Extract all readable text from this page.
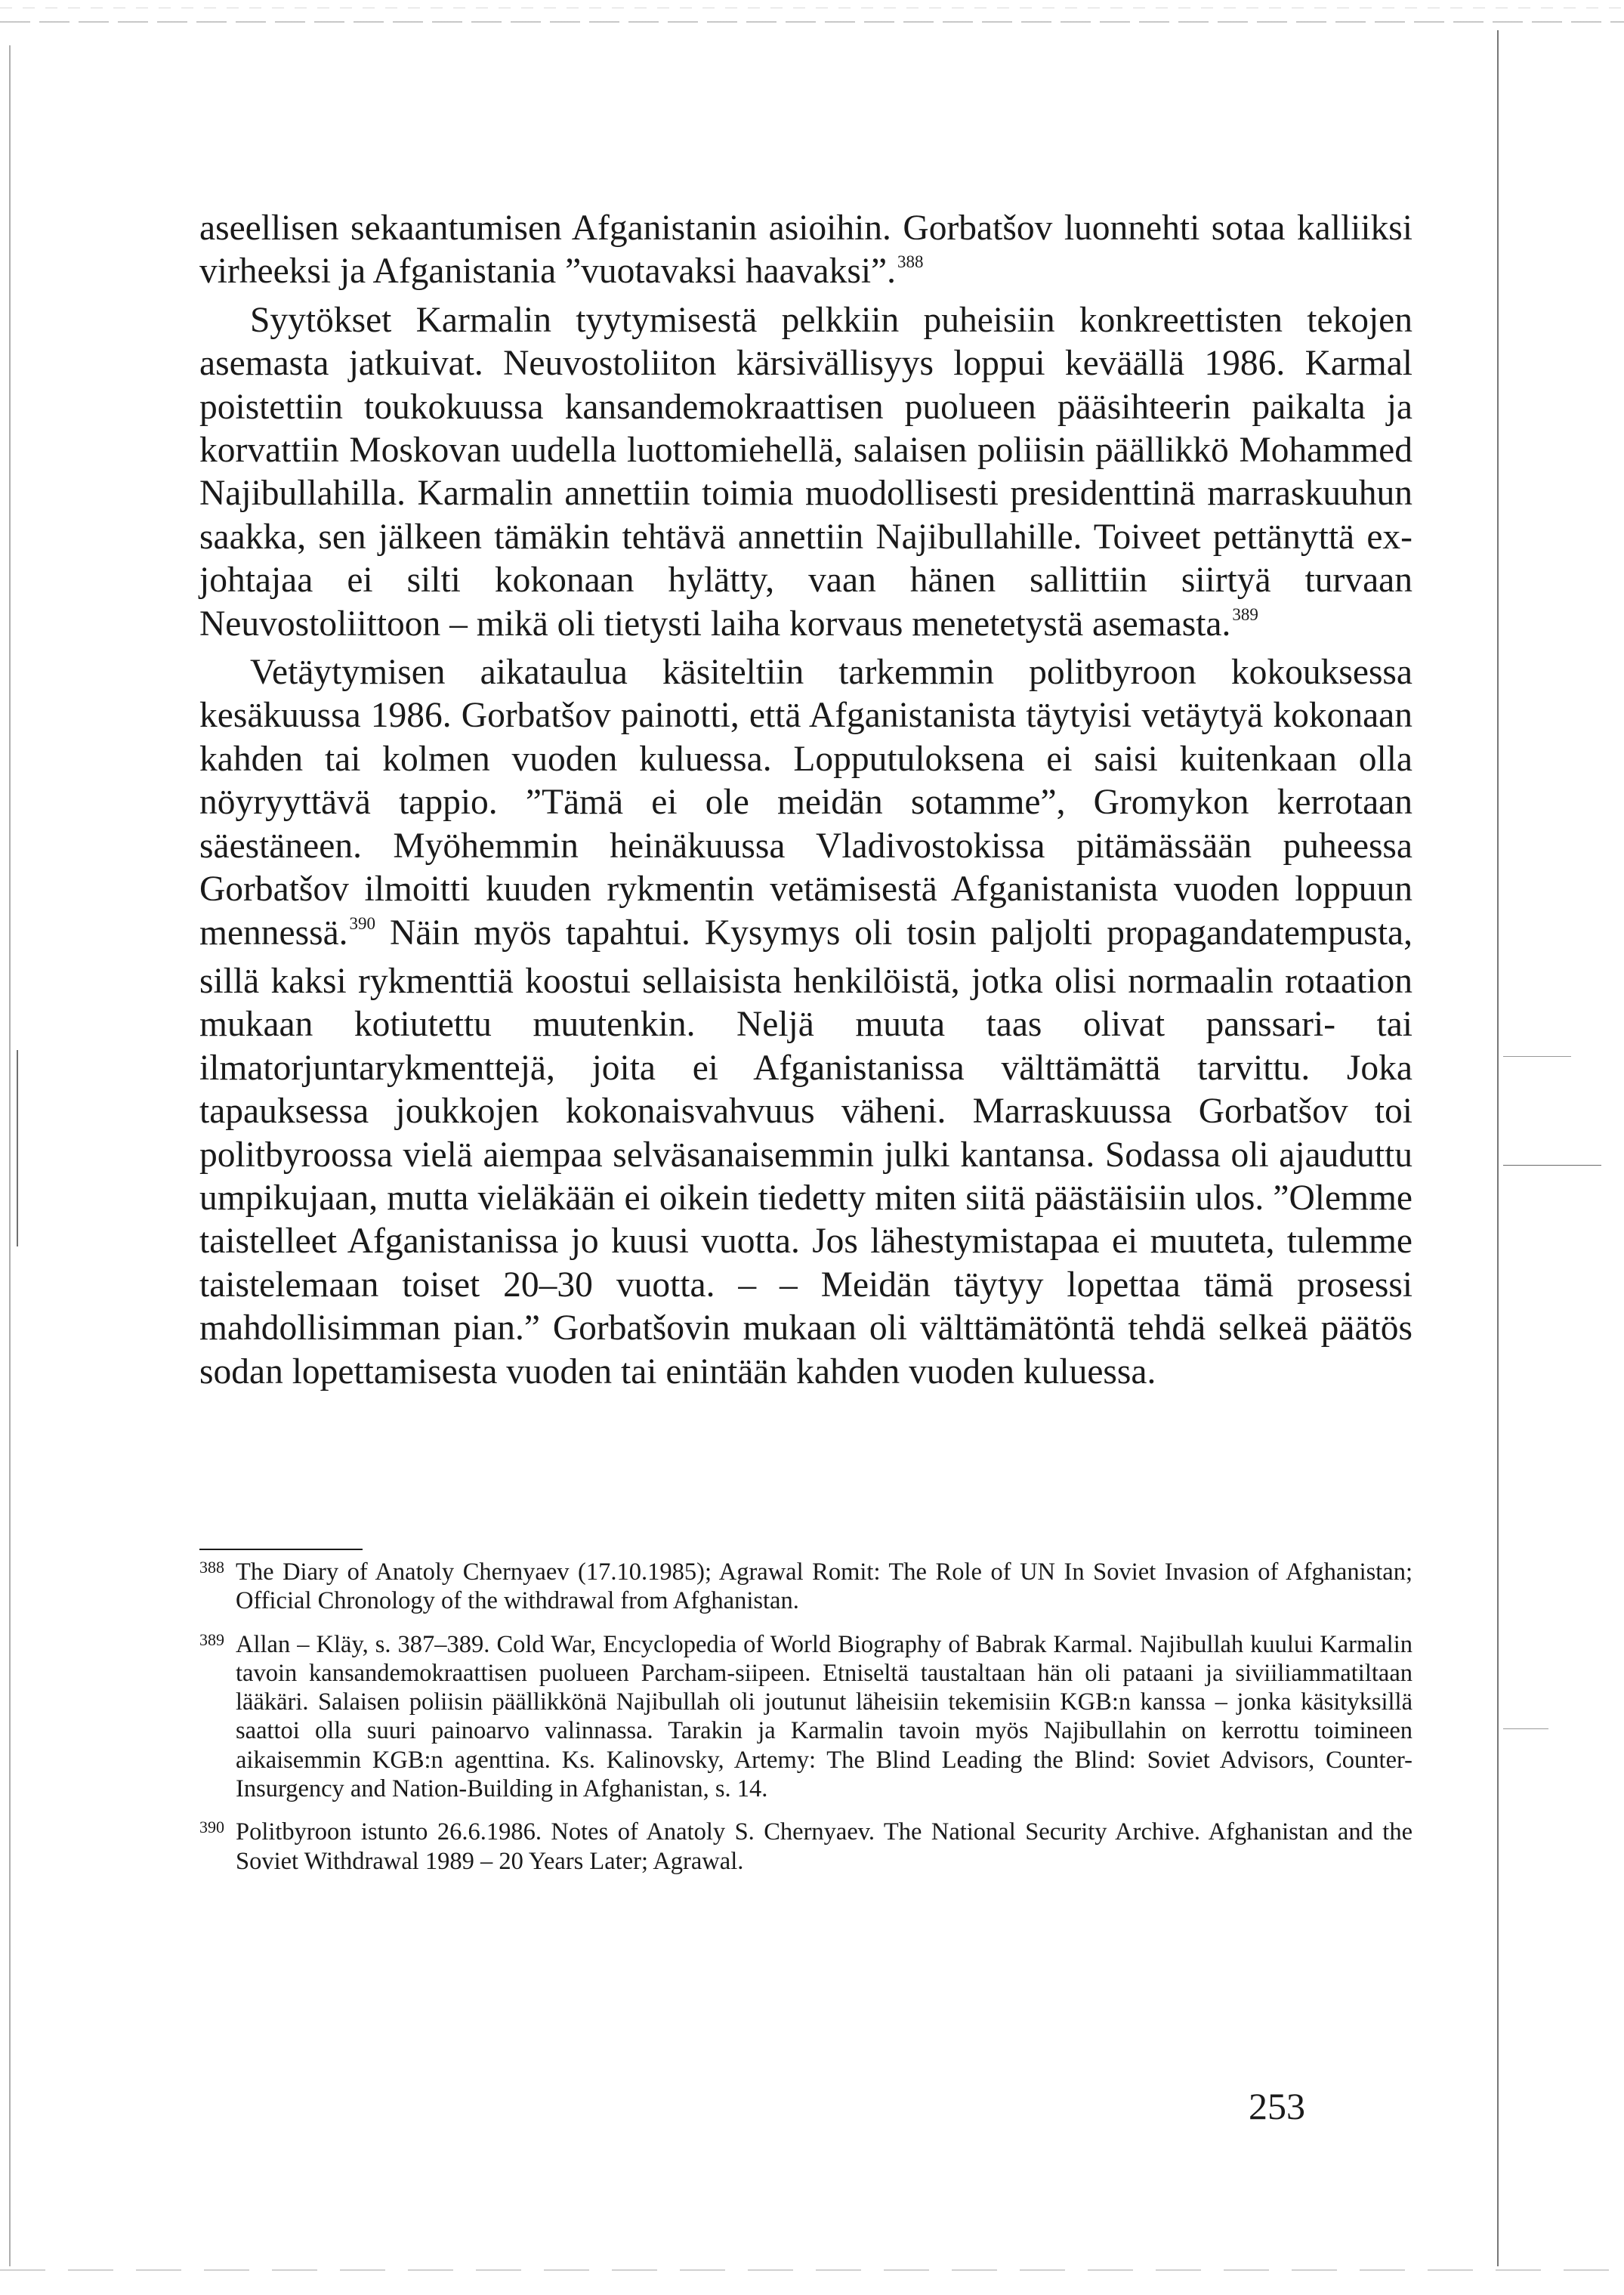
aseellisen sekaantumisen Afganistanin asioihin. Gorbatšov luonnehti sotaa kalliiksi virheeksi ja Afganistania ”vuotavaksi haavaksi”.$^{388}$

Syytökset Karmalin tyytymisestä pelkkiin puheisiin konkreettisten tekojen asemasta jatkuivat. Neuvostoliiton kärsivällisyys loppui keväällä 1986. Karmal poistettiin toukokuussa kansandemokraattisen puolueen pääsihteerin paikalta ja korvattiin Moskovan uudella luottomiehellä, salaisen poliisin päällikkö Mohammed Najibullahilla. Karmalin annettiin toimia muodollisesti presidenttinä marraskuuhun saakka, sen jälkeen tämäkin tehtävä annettiin Najibullahille. Toiveet pettänyttä ex-johtajaa ei silti kokonaan hylätty, vaan hänen sallittiin siirtyä turvaan Neuvostoliittoon – mikä oli tietysti laiha korvaus menetetystä asemasta.$^{389}$

Vetäytymisen aikataulua käsiteltiin tarkemmin politbyroon kokouksessa kesäkuussa 1986. Gorbatšov painotti, että Afganistanista täytyisi vetäytyä kokonaan kahden tai kolmen vuoden kuluessa. Lopputuloksena ei saisi kuitenkaan olla nöyryyttävä tappio. ”Tämä ei ole meidän sotamme”, Gromykon kerrotaan säestäneen. Myöhemmin heinäkuussa Vladivostokissa pitämässään puheessa Gorbatšov ilmoitti kuuden rykmentin vetämisestä Afganistanista vuoden loppuun mennessä.$^{390}$ Näin myös tapahtui. Kysymys oli tosin paljolti propagandatempusta, sillä kaksi rykmenttiä koostui sellaisista henkilöistä, jotka olisi normaalin rotaation mukaan kotiutettu muutenkin. Neljä muuta taas olivat panssari- tai ilmatorjuntarykmenttejä, joita ei Afganistanissa välttämättä tarvittu. Joka tapauksessa joukkojen kokonaisvahvuus väheni. Marraskuussa Gorbatšov toi politbyroossa vielä aiempaa selväsanaisemmin julki kantansa. Sodassa oli ajauduttu umpikujaan, mutta vieläkään ei oikein tiedetty miten siitä päästäisiin ulos. ”Olemme taistelleet Afganistanissa jo kuusi vuotta. Jos lähestymistapaa ei muuteta, tulemme taistelemaan toiset 20–30 vuotta. – – Meidän täytyy lopettaa tämä prosessi mahdollisimman pian.” Gorbatšovin mukaan oli välttämätöntä tehdä selkeä päätös sodan lopettamisesta vuoden tai enintään kahden vuoden kuluessa.

388 The Diary of Anatoly Chernyaev (17.10.1985); Agrawal Romit: The Role of UN In Soviet Invasion of Afghanistan; Official Chronology of the withdrawal from Afghanistan.
389 Allan – Kläy, s. 387–389. Cold War, Encyclopedia of World Biography of Babrak Karmal. Najibullah kuului Karmalin tavoin kansandemokraattisen puolueen Parcham-siipeen. Etniseltä taustaltaan hän oli pataani ja siviiliammatiltaan lääkäri. Salaisen poliisin päällikkönä Najibullah oli joutunut läheisiin tekemisiin KGB:n kanssa – jonka käsityksillä saattoi olla suuri painoarvo valinnassa. Tarakin ja Karmalin tavoin myös Najibullahin on kerrottu toimineen aikaisemmin KGB:n agenttina. Ks. Kalinovsky, Artemy: The Blind Leading the Blind: Soviet Advisors, Counter-Insurgency and Nation-Building in Afghanistan, s. 14.
390 Politbyroon istunto 26.6.1986. Notes of Anatoly S. Chernyaev. The National Security Archive. Afghanistan and the Soviet Withdrawal 1989 – 20 Years Later; Agrawal.
253
